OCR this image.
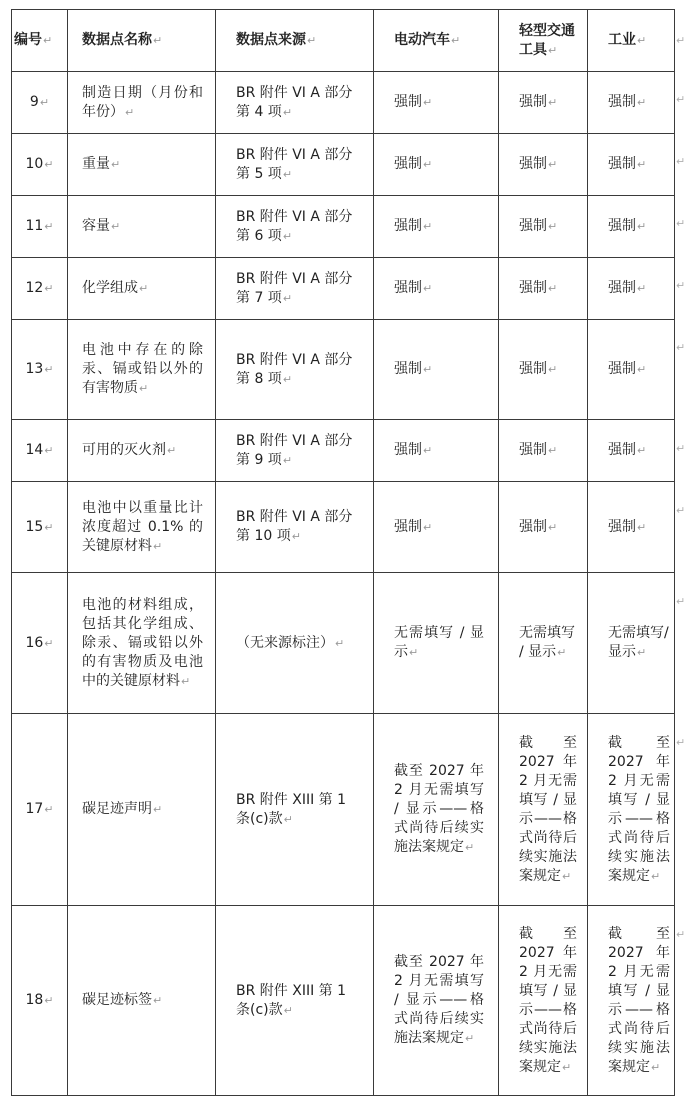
编号 ↵	数据点名称 ↵	数据点来源 ↵	电动汽车 ↵	轻型交通工具 ↵	工业 ↵

9 ↵	制造日期（月份和年份） ↵	BR 附件 VI A 部分第 4 项 ↵	强制 ↵	强制 ↵	强制 ↵

10 ↵	重量 ↵	BR 附件 VI A 部分第 5 项 ↵	强制 ↵	强制 ↵	强制 ↵

11 ↵	容量 ↵	BR 附件 VI A 部分第 6 项 ↵	强制 ↵	强制 ↵	强制 ↵

12 ↵	化学组成 ↵	BR 附件 VI A 部分第 7 项 ↵	强制 ↵	强制 ↵	强制 ↵

13 ↵	电池中存在的除汞、镉或铅以外的有害物质 ↵	BR 附件 VI A 部分第 8 项 ↵	强制 ↵	强制 ↵	强制 ↵

14 ↵	可用的灭火剂 ↵	BR 附件 VI A 部分第 9 项 ↵	强制 ↵	强制 ↵	强制 ↵

15 ↵	电池中以重量比计浓度超过 0.1% 的关键原材料 ↵	BR 附件 VI A 部分第 10 项 ↵	强制 ↵	强制 ↵	强制 ↵

16 ↵	电池的材料组成，包括其化学组成、除汞、镉或铅以外的有害物质及电池中的关键原材料 ↵	（无来源标注） ↵	无需填写 / 显示 ↵	无需填写 / 显示 ↵	无需填写/显示 ↵

17 ↵	碳足迹声明 ↵	BR 附件 XIII 第 1 条(c)款 ↵	截至 2027 年 2 月无需填写 / 显示——格式尚待后续实施法案规定 ↵	截至 2027 年 2 月无需填写 / 显示——格式尚待后续实施法案规定 ↵	截至 2027 年 2 月无需填写 / 显示——格式尚待后续实施法案规定 ↵

18 ↵	碳足迹标签 ↵	BR 附件 XIII 第 1 条(c)款 ↵	截至 2027 年 2 月无需填写 / 显示——格式尚待后续实施法案规定 ↵	截至 2027 年 2 月无需填写 / 显示——格式尚待后续实施法案规定 ↵	截至 2027 年 2 月无需填写 / 显示——格式尚待后续实施法案规定 ↵
↵
↵
↵
↵
↵
↵
↵
↵
↵
↵
↵
